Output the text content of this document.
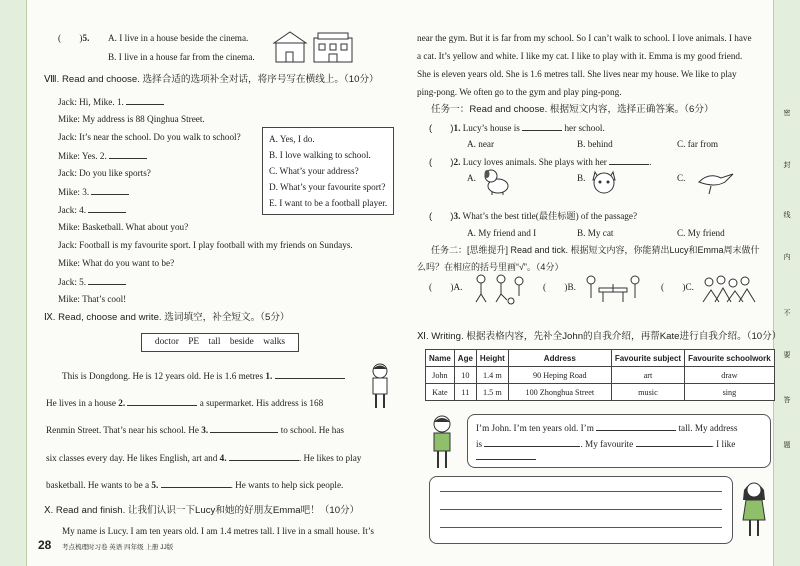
(　　)5. A. I live in a house beside the cinema.
B. I live in a house far from the cinema.
Ⅷ. Read and choose. 选择合适的选项补全对话，将序号写在横线上。（10分）
Jack: Hi, Mike. 1.
Mike: My address is 88 Qinghua Street.
Jack: It’s near the school. Do you walk to school?
Mike: Yes. 2.
Jack: Do you like sports?
Mike: 3.
Jack: 4.
Mike: Basketball. What about you?
Jack: Football is my favourite sport. I play football with my friends on Sundays.
Mike: What do you want to be?
Jack: 5.
Mike: That’s cool!
A. Yes, I do.
B. I love walking to school.
C. What’s your address?
D. What’s your favourite sport?
E. I want to be a football player.
Ⅸ. Read, choose and write. 选词填空，补全短文。（5分）
doctor　PE　tall　beside　walks
This is Dongdong. He is 12 years old. He is 1.6 metres 1.
He lives in a house 2.	a supermarket. His address is 168
Renmin Street. That’s near his school. He 3.	to school. He has
six classes every day. He likes English, art and 4.	. He likes to play
basketball. He wants to be a 5.	. He wants to help sick people.
Ⅹ. Read and finish. 让我们认识一下Lucy和她的好朋友Emma吧！（10分）
My name is Lucy. I am ten years old. I am 1.4 metres tall. I live in a small house. It’s
28 考点梳理时习卷 英语 四年级 上册 JJ版
near the gym. But it is far from my school. So I can’t walk to school. I love animals. I have
a cat. It’s yellow and white. I like my cat. I like to play with it. Emma is my good friend.
She is eleven years old. She is 1.6 metres tall. She lives near my house. We like to play
ping-pong. We often go to the gym and play ping-pong.
任务一：Read and choose. 根据短文内容，选择正确答案。（6分）
(　　)1. Lucy’s house is	her school.
A. near	B. behind	C. far from
(　　)2. Lucy loves animals. She plays with her	.
A.	B.	C.
(　　)3. What’s the best title(最佳标题) of the passage?
A. My friend and I	B. My cat	C. My friend
任务二：[思维提升] Read and tick. 根据短文内容，你能猜出Lucy和Emma周末做什
么吗？在相应的括号里画“√”。（4分）
(　　)A.	(　　)B.	(　　)C.
Ⅺ. Writing. 根据表格内容，先补全John的自我介绍，再帮Kate进行自我介绍。（10分）
Name	Age	Height	Address	Favourite subject	Favourite schoolwork
John	10	1.4 m	90 Heping Road	art	draw
Kate	11	1.5 m	100 Zhonghua Street	music	sing
I’m John. I’m ten years old. I’m	tall. My address
is	. My favourite	. I like
密
封
线
内
不
要
答
题
